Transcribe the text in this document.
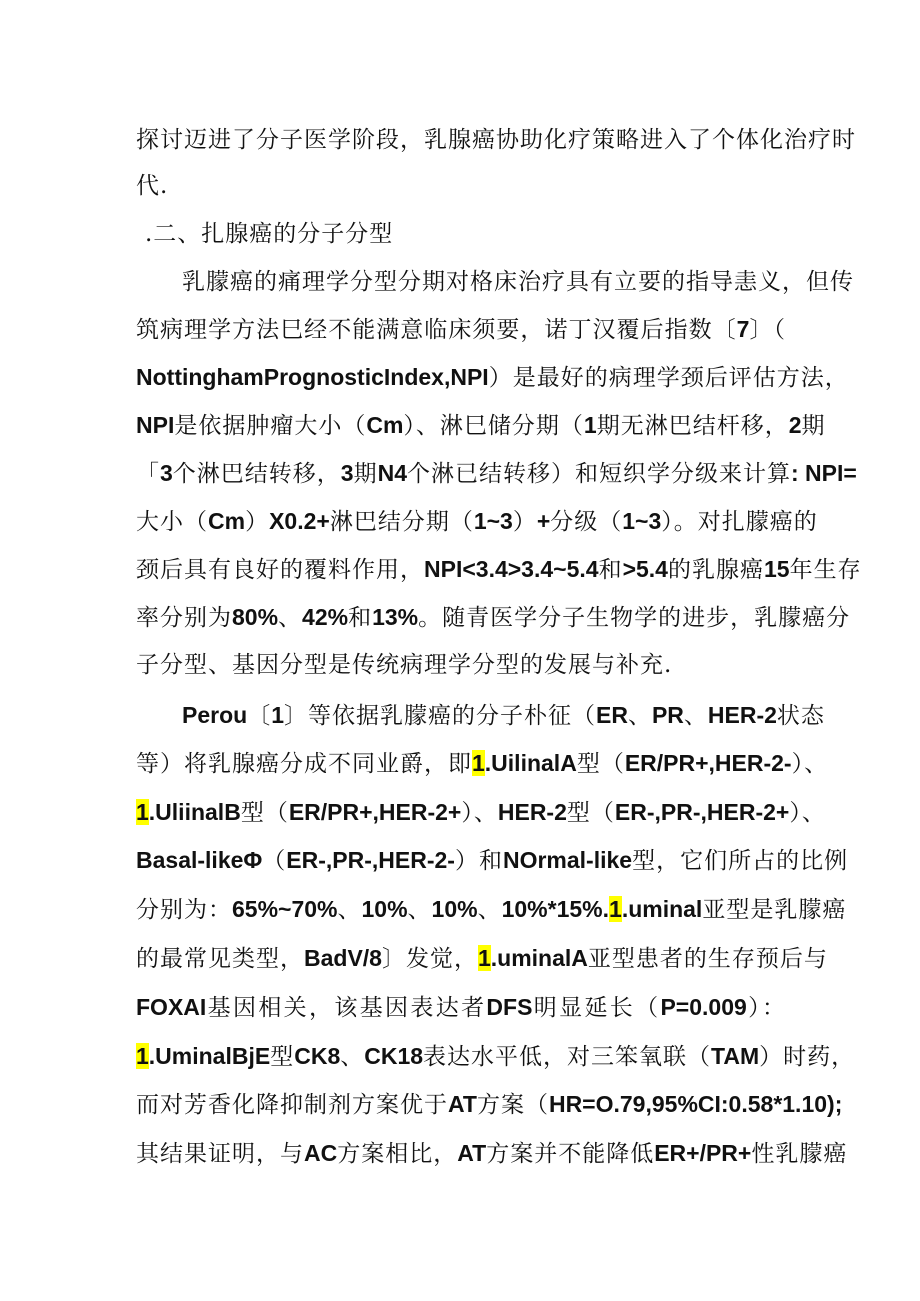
探讨迈进了分子医学阶段，乳腺癌协助化疗策略进入了个体化治疗时
代.
.二、扎腺癌的分子分型
乳朦癌的痛理学分型分期对格床治疗具有立要的指导恚义，但传
筑病理学方法巳经不能满意临床须要，诺丁汉覆后指数〔7〕（
NottinghamPrognosticIndex,NPI）是最好的病理学颈后评估方法，
NPI是依据肿瘤大小（Cm）、淋巳储分期（1期无淋巴结杆移，2期
「3个淋巴结转移，3期N4个淋已结转移）和短织学分级来计算: NPI=
大小（Cm）X0.2+淋巴结分期（1~3）+分级（1~3）。对扎朦癌的
颈后具有良好的覆料作用，NPI<3.4>3.4~5.4和>5.4的乳腺癌15年生存
率分别为80%、42%和13%。随青医学分子生物学的进步，乳朦癌分
子分型、基因分型是传统病理学分型的发展与补充.
Perou〔1〕等依据乳朦癌的分子朴征（ER、PR、HER-2状态
等）将乳腺癌分成不同业爵，即1.UilinalA型（ER/PR+,HER-2-）、
1.UliinalB型（ER/PR+,HER-2+）、HER-2型（ER-,PR-,HER-2+）、
Basal-likeΦ（ER-,PR-,HER-2-）和NOrmal-like型，它们所占的比例
分别为：65%~70%、10%、10%、10%*15%.1.uminal亚型是乳朦癌
的最常见类型，BadV/8〕发觉，1.uminalA亚型患者的生存预后与
FOXAI基因相关，该基因表达者DFS明显延长（P=0.009）：
1.UminalBjE型CK8、CK18表达水平低，对三笨氧联（TAM）时药，
而对芳香化降抑制剂方案优于AT方案（HR=O.79,95%CI:0.58*1.10);
其结果证明，与AC方案相比，AT方案并不能降低ER+/PR+性乳朦癌
